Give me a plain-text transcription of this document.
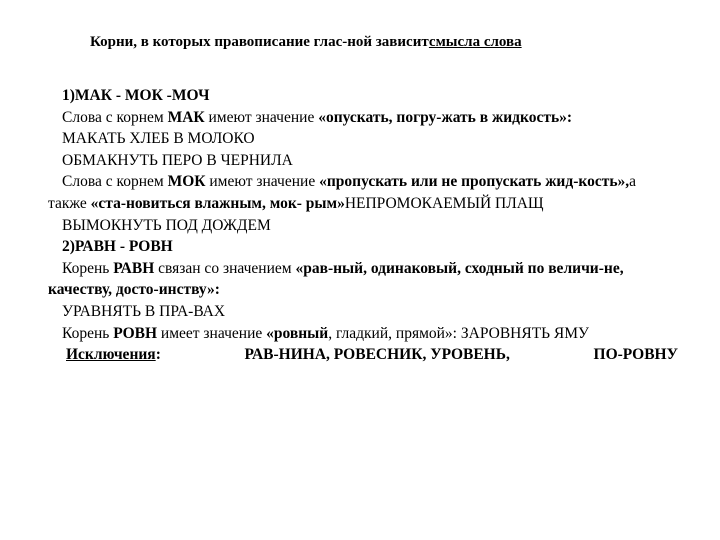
Корни, в которых правописание глас-ной зависитсмысла слова
1)МАК - МОК -МОЧ
Слова с корнем МАК имеют значение «опускать, погру-жать в жидкость»:
МАКАТЬ ХЛЕБ В МОЛОКО
ОБМАКНУТЬ ПЕРО В ЧЕРНИЛА
Слова с корнем МОК имеют значение «пропускать или не пропускать жид-кость»,а также «ста-новиться влажным, мок- рым»НЕПРОМОКАЕМЫЙ ПЛАЩ
ВЫМОКНУТЬ ПОД ДОЖДЕМ
2)РАВН - РОВН
Корень РАВН связан со значением «рав-ный, одинаковый, сходный по величи-не, качеству, досто-инству»:
УРАВНЯТЬ В ПРА-ВАХ
Корень РОВН имеет значение «ровный, гладкий, прямой»: ЗАРОВНЯТЬ ЯМУ
Исключения:	РАВ-НИНА, РОВЕСНИК, УРОВЕНЬ,	ПО-РОВНУ
